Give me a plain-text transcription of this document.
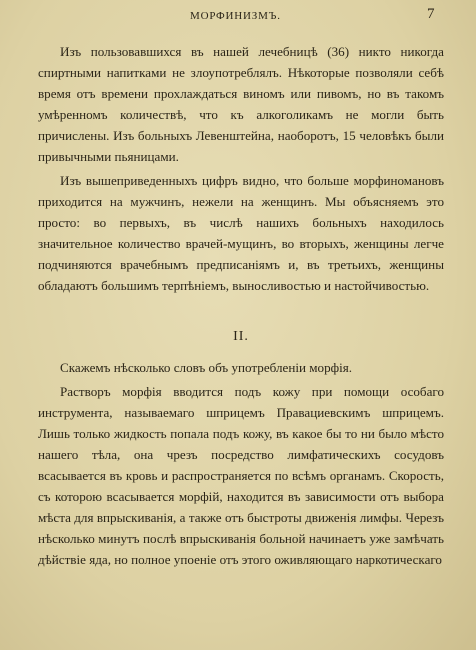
МОРФИНИЗМЪ.	7

Изъ пользовавшихся въ нашей лечебницѣ (36) никто никогда спиртными напитками не злоупотреблялъ. Нѣкоторые позволяли себѣ время отъ времени прохлаждаться виномъ или пивомъ, но въ такомъ умѣренномъ количествѣ, что къ алкоголикамъ не могли быть причислены. Изъ больныхъ Левенштейна, наоборотъ, 15 человѣкъ были привычными пьяницами.

Изъ вышеприведенныхъ цифръ видно, что больше морфиномановъ приходится на мужчинъ, нежели на женщинъ. Мы объясняемъ это просто: во первыхъ, въ числѣ нашихъ больныхъ находилось значительное количество врачей-мущинъ, во вторыхъ, женщины легче подчиняются врачебнымъ предписаніямъ и, въ третьихъ, женщины обладаютъ большимъ терпѣніемъ, выносливостью и настойчивостью.

II.

Скажемъ нѣсколько словъ объ употребленіи морфія.

Растворъ морфія вводится подъ кожу при помощи особаго инструмента, называемаго шприцемъ Правациевскимъ шприцемъ. Лишь только жидкость попала подъ кожу, въ какое бы то ни было мѣсто нашего тѣла, она чрезъ посредство лимфатическихъ сосудовъ всасывается въ кровь и распространяется по всѣмъ органамъ. Скорость, съ которою всасывается морфій, находится въ зависимости отъ выбора мѣста для впрыскиванія, а также отъ быстроты движенія лимфы. Черезъ нѣсколько минутъ послѣ впрыскиванія больной начинаетъ уже замѣчать дѣйствіе яда, но полное упоеніе отъ этого оживляющаго наркотическаго
